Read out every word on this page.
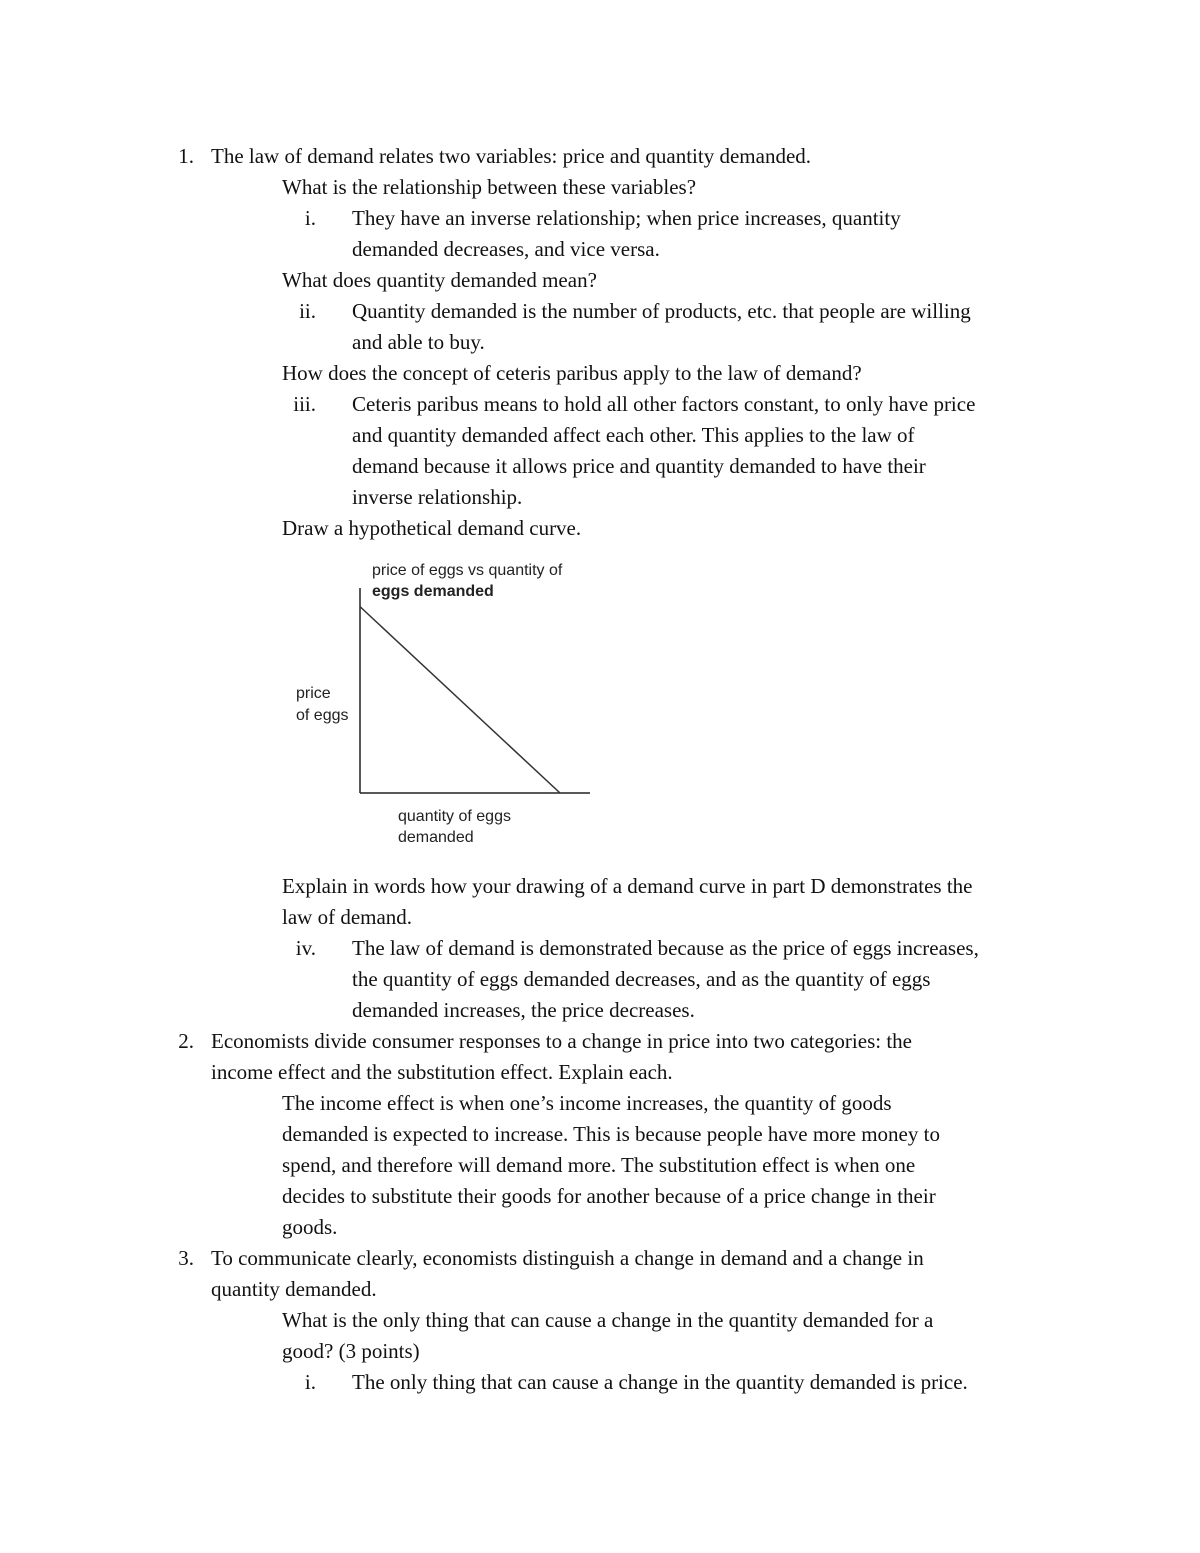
1. The law of demand relates two variables: price and quantity demanded.
What is the relationship between these variables?
i. They have an inverse relationship; when price increases, quantity
demanded decreases, and vice versa.
What does quantity demanded mean?
ii. Quantity demanded is the number of products, etc. that people are willing
and able to buy.
How does the concept of ceteris paribus apply to the law of demand?
iii. Ceteris paribus means to hold all other factors constant, to only have price
and quantity demanded affect each other. This applies to the law of
demand because it allows price and quantity demanded to have their
inverse relationship.
Draw a hypothetical demand curve.
price of eggs vs quantity of
eggs demanded
price
of eggs
quantity of eggs
demanded
Explain in words how your drawing of a demand curve in part D demonstrates the
law of demand.
iv. The law of demand is demonstrated because as the price of eggs increases,
the quantity of eggs demanded decreases, and as the quantity of eggs
demanded increases, the price decreases.
2. Economists divide consumer responses to a change in price into two categories: the
income effect and the substitution effect. Explain each.
The income effect is when one’s income increases, the quantity of goods
demanded is expected to increase. This is because people have more money to
spend, and therefore will demand more. The substitution effect is when one
decides to substitute their goods for another because of a price change in their
goods.
3. To communicate clearly, economists distinguish a change in demand and a change in
quantity demanded.
What is the only thing that can cause a change in the quantity demanded for a
good? (3 points)
i. The only thing that can cause a change in the quantity demanded is price.
